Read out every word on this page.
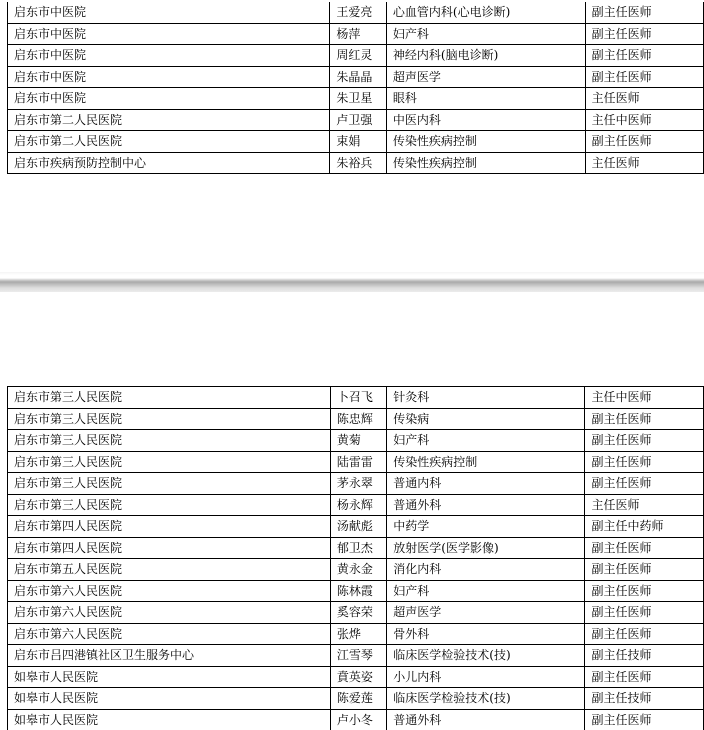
启东市中医院	王爱亮	心血管内科(心电诊断)	副主任医师
启东市中医院	杨萍	妇产科	副主任医师
启东市中医院	周红灵	神经内科(脑电诊断)	副主任医师
启东市中医院	朱晶晶	超声医学	副主任医师
启东市中医院	朱卫星	眼科	主任医师
启东市第二人民医院	卢卫强	中医内科	主任中医师
启东市第二人民医院	束娟	传染性疾病控制	副主任医师
启东市疾病预防控制中心	朱裕兵	传染性疾病控制	主任医师
启东市第三人民医院	卜召飞	针灸科	主任中医师
启东市第三人民医院	陈忠辉	传染病	副主任医师
启东市第三人民医院	黄菊	妇产科	副主任医师
启东市第三人民医院	陆雷雷	传染性疾病控制	副主任医师
启东市第三人民医院	茅永翠	普通内科	副主任医师
启东市第三人民医院	杨永辉	普通外科	主任医师
启东市第四人民医院	汤献彪	中药学	副主任中药师
启东市第四人民医院	郁卫杰	放射医学(医学影像)	副主任医师
启东市第五人民医院	黄永金	消化内科	副主任医师
启东市第六人民医院	陈林霞	妇产科	副主任医师
启东市第六人民医院	奚容荣	超声医学	副主任医师
启东市第六人民医院	张烨	骨外科	副主任医师
启东市吕四港镇社区卫生服务中心	江雪琴	临床医学检验技术(技)	副主任技师
如皋市人民医院	賁英姿	小儿内科	副主任医师
如皋市人民医院	陈爱莲	临床医学检验技术(技)	副主任技师
如皋市人民医院	卢小冬	普通外科	副主任医师
